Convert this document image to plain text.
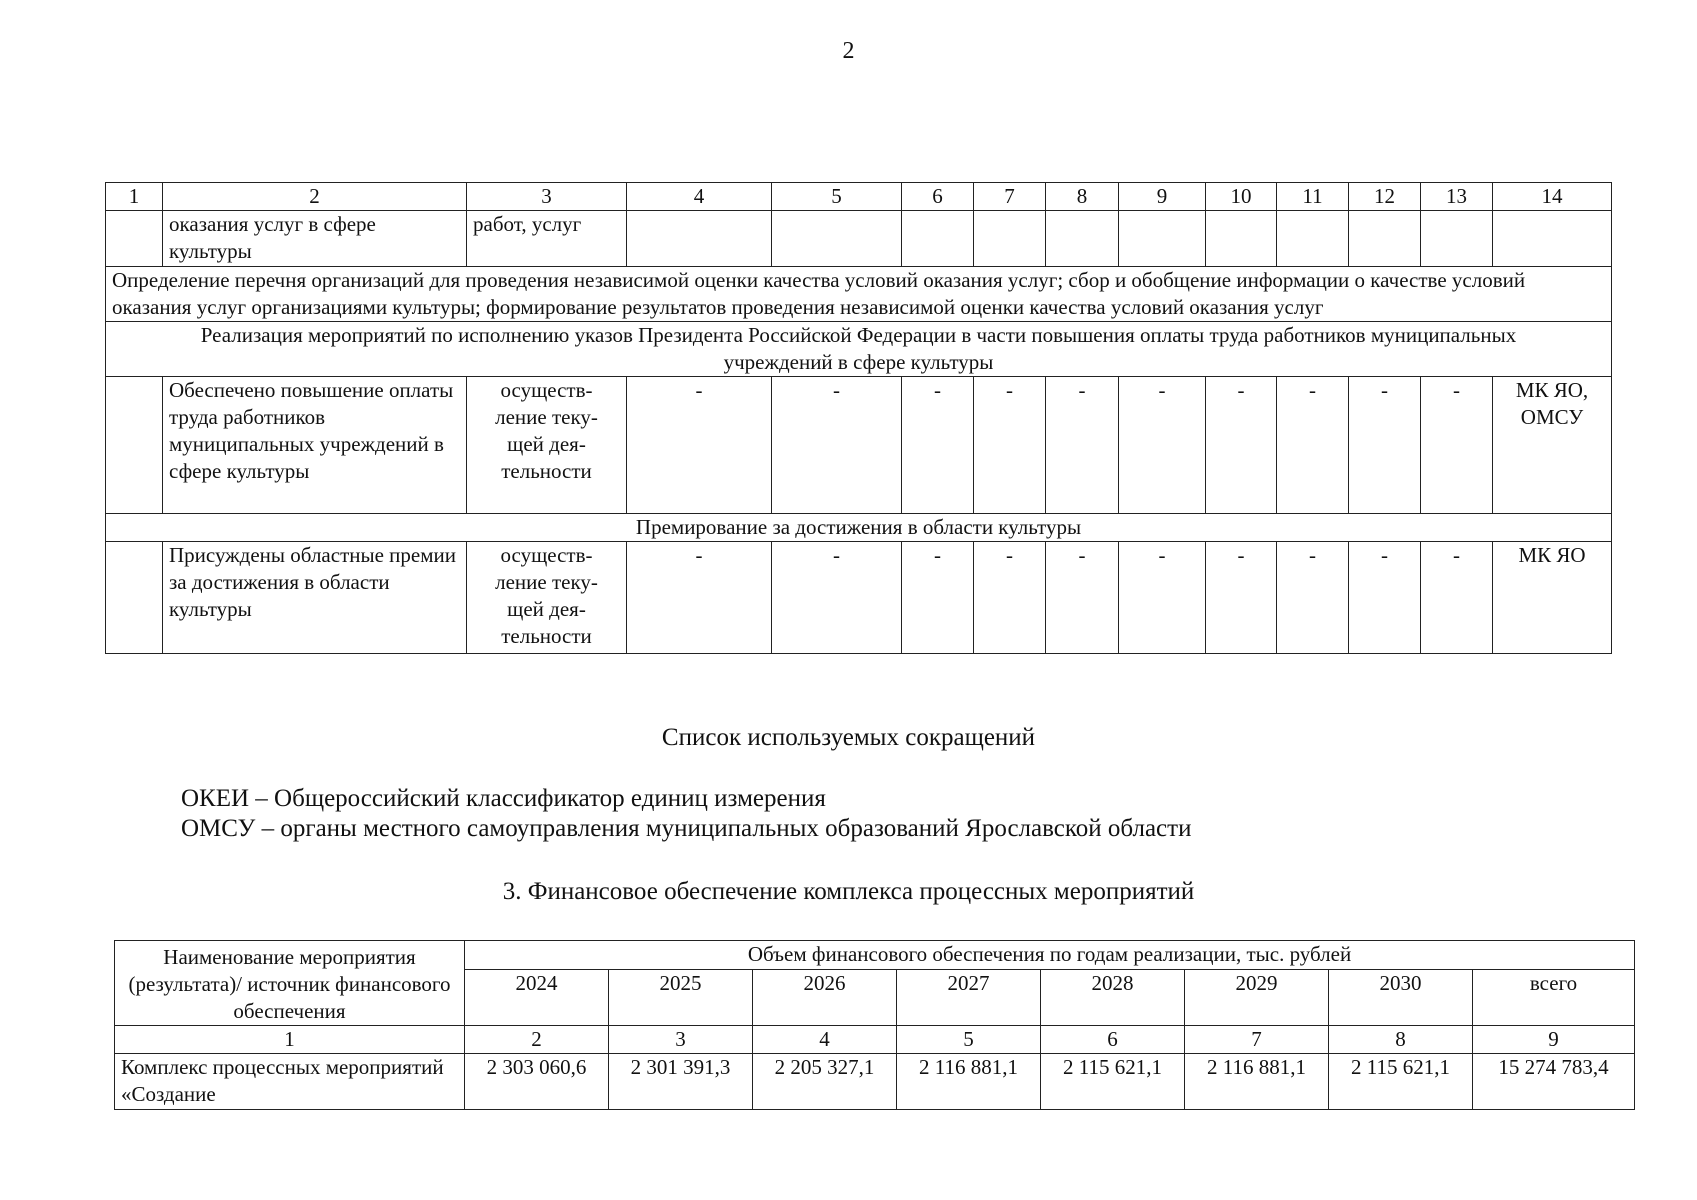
2
1	2	3	4	5	6	7	8	9	10	11	12	13	14
	оказания услуг в сфере культуры	работ, услуг											
Определение перечня организаций для проведения независимой оценки качества условий оказания услуг; сбор и обобщение информации о качестве условий оказания услуг организациями культуры; формирование результатов проведения независимой оценки качества условий оказания услуг													
Реализация мероприятий по исполнению указов Президента Российской Федерации в части повышения оплаты труда работников муниципальных учреждений в сфере культуры													
	Обеспечено повышение оплаты труда работников муниципальных учреждений в сфере культуры	осуществ-ление теку-щей дея-тельности	-	-	-	-	-	-	-	-	-	-	МК ЯО, ОМСУ
Премирование за достижения в области культуры													
	Присуждены областные премии за достижения в области культуры	осуществ-ление теку-щей дея-тельности	-	-	-	-	-	-	-	-	-	-	МК ЯО
Список используемых сокращений
ОКЕИ – Общероссийский классификатор единиц измерения
ОМСУ – органы местного самоуправления муниципальных образований Ярославской области
3. Финансовое обеспечение комплекса процессных мероприятий
Наименование мероприятия (результата)/ источник финансового обеспечения	Объем финансового обеспечения по годам реализации, тыс. рублей							
	2024	2025	2026	2027	2028	2029	2030	всего
1	2	3	4	5	6	7	8	9
Комплекс процессных мероприятий «Создание	2 303 060,6	2 301 391,3	2 205 327,1	2 116 881,1	2 115 621,1	2 116 881,1	2 115 621,1	15 274 783,4
